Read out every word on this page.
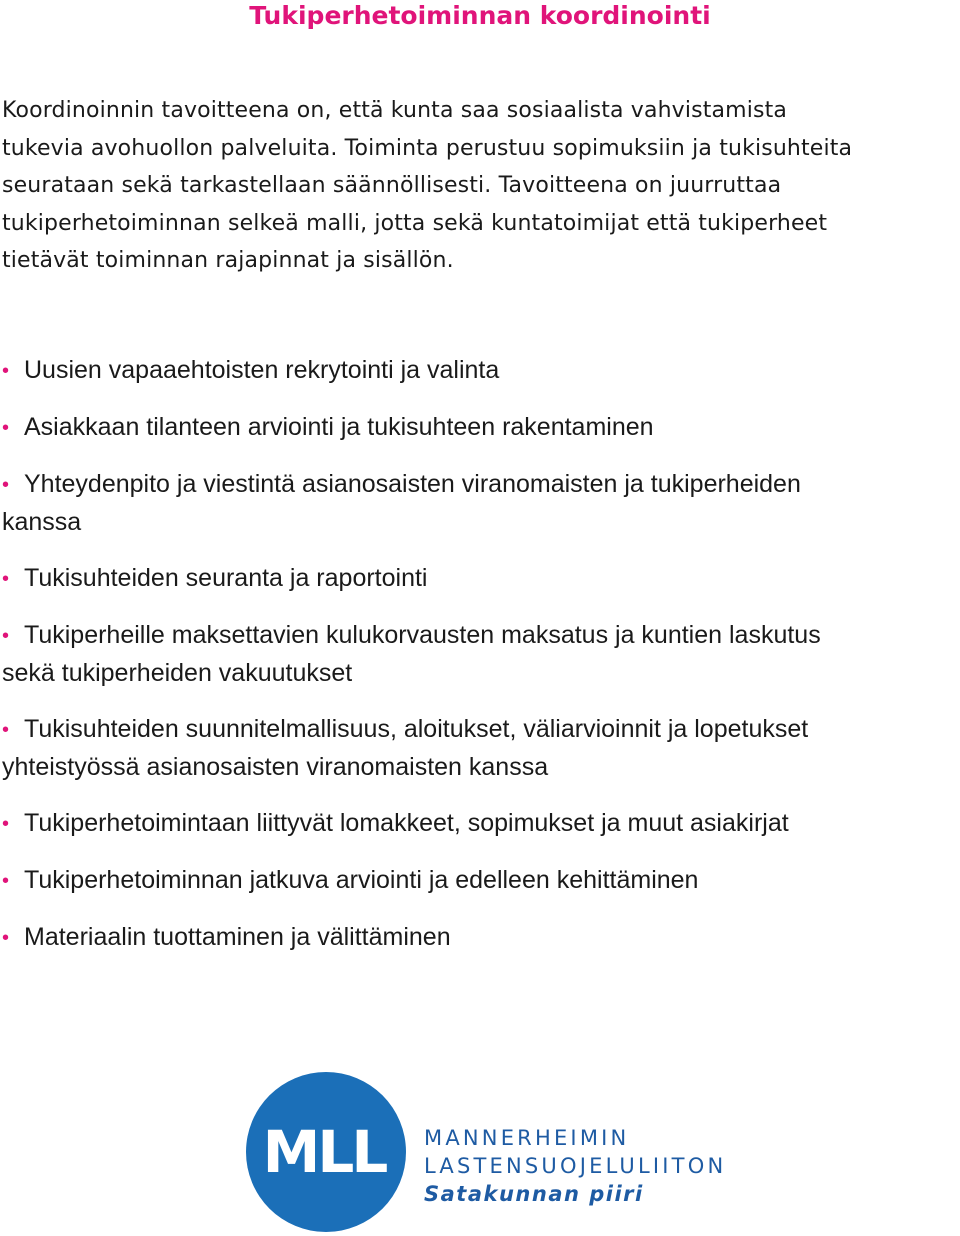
Tukiperhetoiminnan koordinointi

Koordinoinnin tavoitteena on, että kunta saa sosiaalista vahvistamista
tukevia avohuollon palveluita. Toiminta perustuu sopimuksiin ja tukisuhteita
seurataan sekä tarkastellaan säännöllisesti. Tavoitteena on juurruttaa
tukiperhetoiminnan selkeä malli, jotta sekä kuntatoimijat että tukiperheet
tietävät toiminnan rajapinnat ja sisällön.

• Uusien vapaaehtoisten rekrytointi ja valinta
• Asiakkaan tilanteen arviointi ja tukisuhteen rakentaminen
• Yhteydenpito ja viestintä asianosaisten viranomaisten ja tukiperheiden
kanssa
• Tukisuhteiden seuranta ja raportointi
• Tukiperheille maksettavien kulukorvausten maksatus ja kuntien laskutus
sekä tukiperheiden vakuutukset
• Tukisuhteiden suunnitelmallisuus, aloitukset, väliarvioinnit ja lopetukset
yhteistyössä asianosaisten viranomaisten kanssa
• Tukiperhetoimintaan liittyvät lomakkeet, sopimukset ja muut asiakirjat
• Tukiperhetoiminnan jatkuva arviointi ja edelleen kehittäminen
• Materiaalin tuottaminen ja välittäminen
MLL MANNERHEIMIN
LASTENSUOJELULIITON
Satakunnan piiri
